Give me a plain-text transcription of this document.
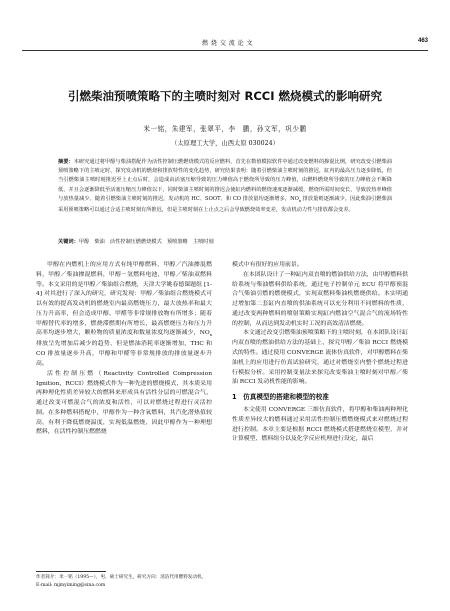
燃 烧 交 流 论 文	463
引燃柴油预喷策略下的主喷时刻对 RCCI 燃烧模式的影响研究
米一铭，朱建军，张翠平，李　鹏，孙文军，巩少鹏
（太原理工大学，山西太原 030024）
摘要：本研究通过将甲醇与柴油搭配作为活性控制压燃燃烧模式的反应燃料，首先在数值模拟软件中通过改变燃料的掺混比例，研究改变引燃柴油预喷策略下的主喷定时，探究发动机的燃烧和排放特性的变化趋势，研究结果表明：随着引燃柴油主喷时刻的推迟，缸内的最高压力逐步降低，但当引燃柴油主喷时刻推迟至上止点后时，会造成由活塞压缩导致的压力峰值高于燃烧所导致的压力峰值，由燃料燃烧所导致的压力峰值会不断降低，并且会逐渐降低至活塞压缩压力峰值以下，同时柴油主喷时刻的推迟会使缸内燃料的燃烧速度逐渐减缓，燃烧所需时间变长，导致放热率峰值与放热量减少。随着引燃柴油主喷时刻的推迟，发动机的 HC、SOOT、和 CO 排放量均逐渐增多，$NO_x$ 排放量则逐渐减少。因此柴油引燃柴油采用预喷策略可以通过合适主喷时刻有所推迟，但是主喷时刻在上止点之后会导致燃烧效率变差，发动机动力性与排放都会变差。
关键词：甲醇　柴油　活性控制压燃燃烧模式　预喷策略　主喷时刻

甲醇在内燃机上的应用方式有纯甲醇燃料，甲醇／汽油掺混燃料，甲醇／柴油掺混燃料，甲醇－氢燃料电池，甲醇／柴油双燃料等。本文采用的是甲醇／柴油组合燃烧，天津大学姚春德课题组 [1-4] 对其进行了深入的研究，研究发现：甲醇／柴油组合燃烧模式可以有效的提高发动机的燃烧室内最高燃烧压力，最大放热率和最大压力升高率，但会造成甲醇、甲醛等非常规排放物有所增多；随着甲醇替代率的增多，燃烧滞燃期有所增长，最高燃烧压力和压力升高率均逐步增大，颗粒物的质量浓度和数量浓度均逐渐减少，$NO_x$ 排放呈先增加后减少的趋势，但是燃油消耗率逐渐增加，THC 和 CO 排放量逐步升高，甲醇和甲醛等非常规排放的排放量逐步升高。

活性控制压燃（Reactivity Controlled Compression Ignition，RCCI）燃烧模式作为一种先进的燃烧模式，其本质采用两种理化性质差异较大的燃料来形成具有活性分层的可燃混合气，通过改变可燃混合气的浓度和活性，可以对燃烧过程进行灵活控制。在多种燃料搭配中，甲醇作为一种含氧燃料，其汽化潜热值较高，有利于降低燃烧温度，实现低温燃烧，因此甲醇作为一种理想燃料，在活性控制压燃燃烧

模式中有很好的应用前景。

在本团队设计了一种缸内双直喷的燃油供给方法，由甲醇燃料供给系统与柴油燃料供给系统，通过电子控制单元 ECU 将甲醇预混合气柴油引燃的燃烧模式，实现双燃料柴油机燃烧供给。本实明通过增加第二套缸内直喷的供油系统可以充分利用不同燃料的性质，通过改变两种燃料的喷射策略实现缸内燃油空气混合气的流场特性的控制，从而达到发动机实时工况的高效清洁燃烧。

本文通过改变引燃柴油预喷策略下的主喷时刻，在本团队设计缸内双直喷的燃油供给方法的基础上，探究甲醇／柴油 RCCI 燃烧模式的特性。通过使用 CONVERGE 流体仿真软件，对甲醇燃料在柴油机上的应用进行仿真试验研究，通过对燃烧室内整个燃烧过程进行模拟分析。采用控制变量法来探究改变柴油主喷时刻对甲醇／柴油 RCCI 发动机性能的影响。

1　仿真模型的搭建和模型的校准

本文使用 CONVERGE 三维仿真软件，将甲醇和柴油两种理化性质差异较大的燃料通过采用活性控制压燃燃烧模式来对燃烧过程进行控制。本章主要是根据 RCCI 燃烧模式搭建燃烧室模型，并对计算模型、燃料组分以及化学反应机理进行设定，最后

作者简介：米一铭（1995—），男，硕士研究生，研究方向：清洁代用燃料发动机。
E-mail: mjmyiming@sina.com
